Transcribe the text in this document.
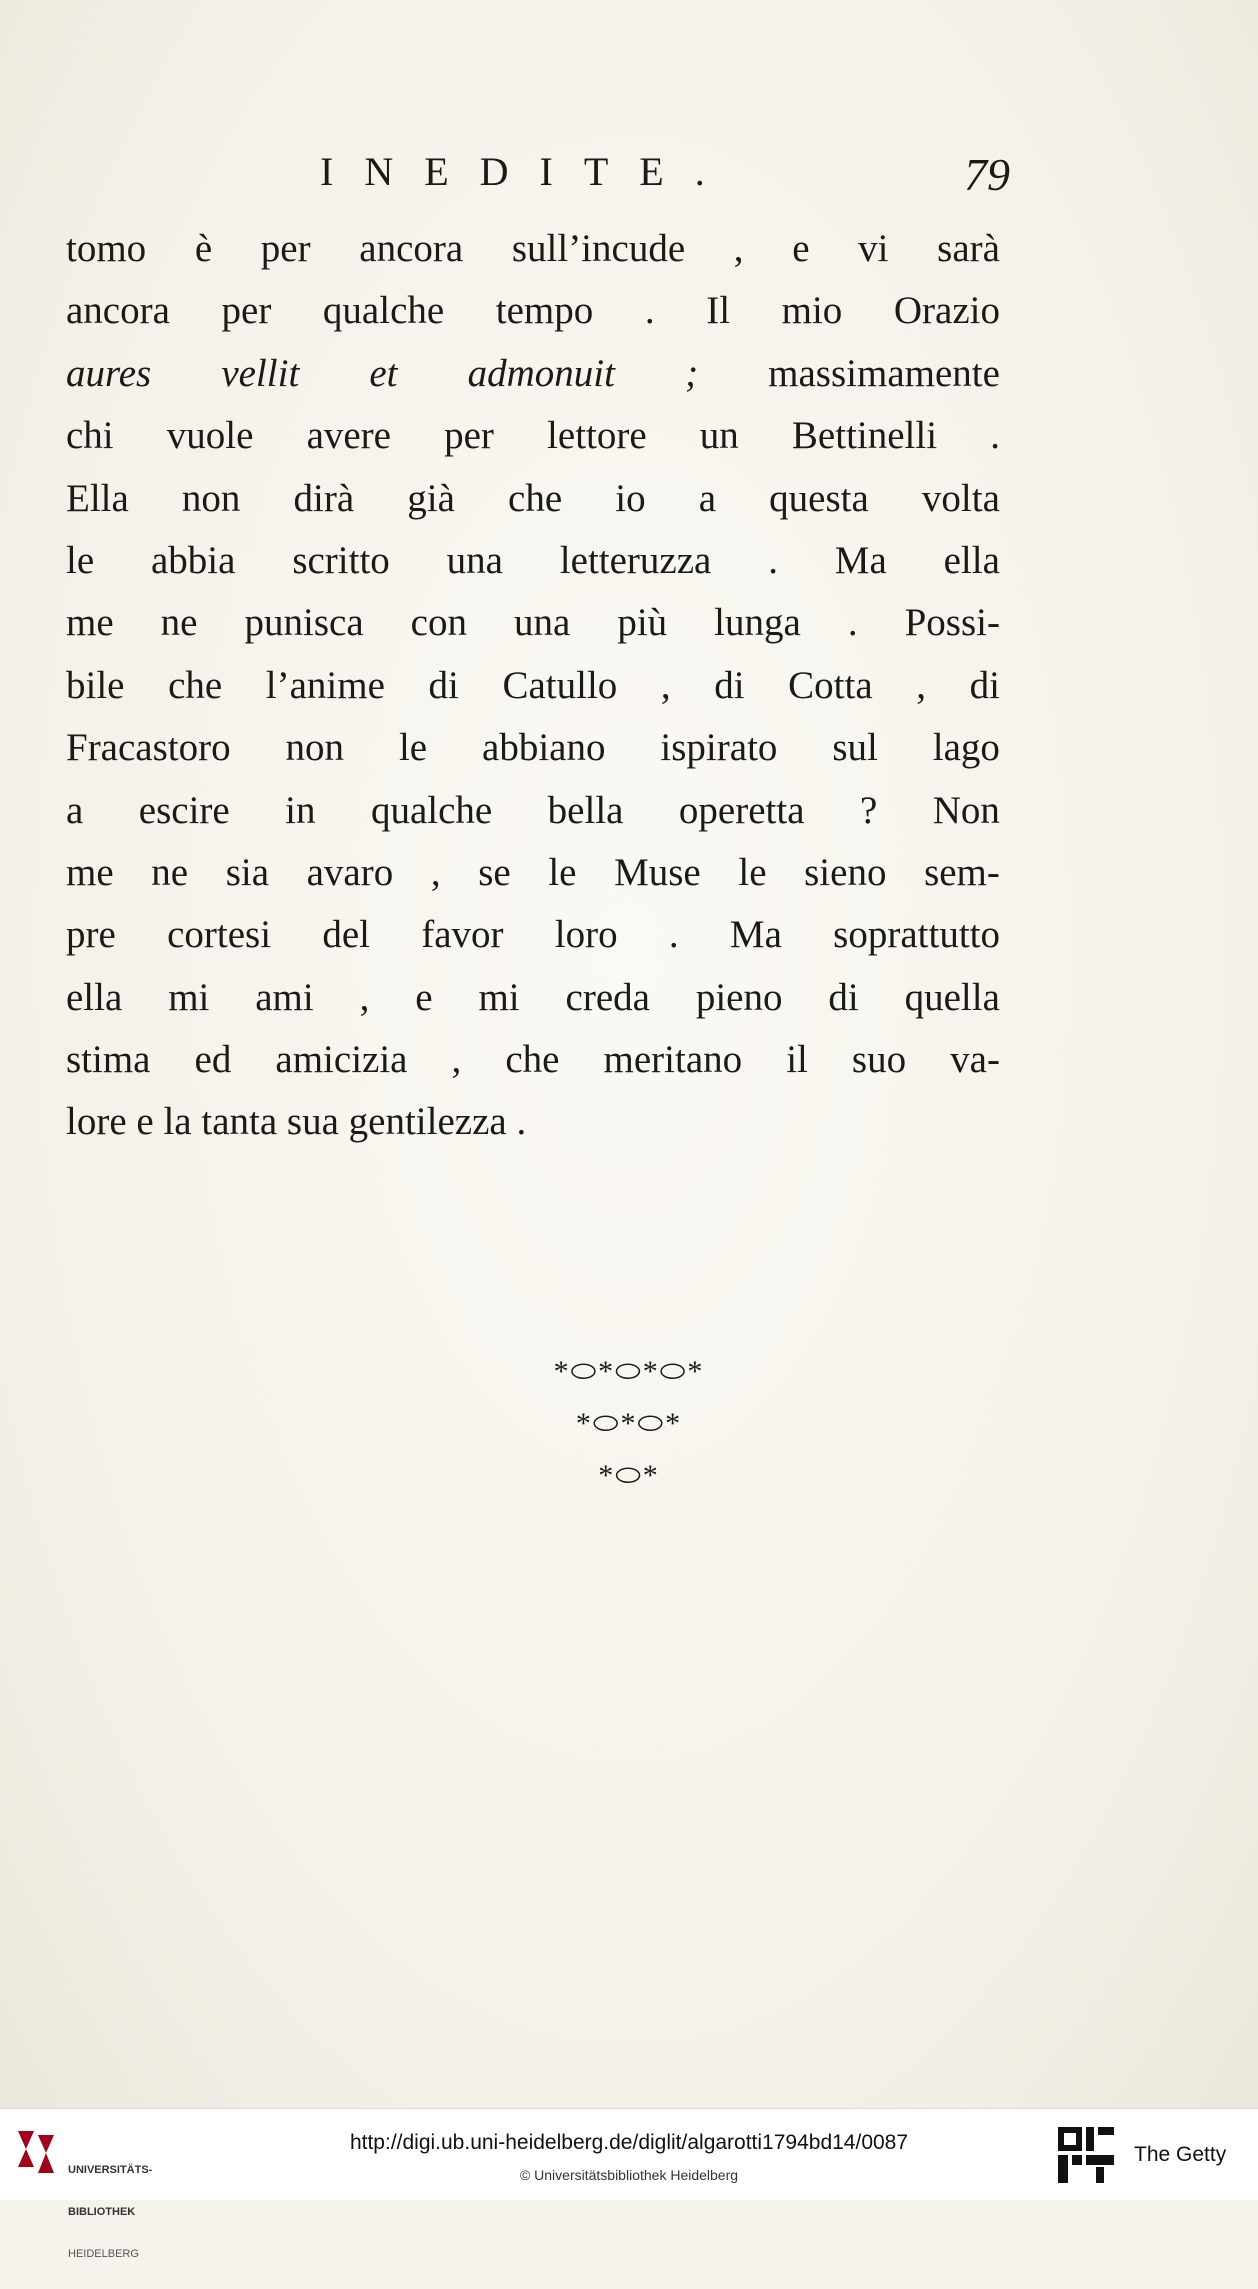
INEDITE.	79
tomo è per ancora sull’incude , e vi sarà
ancora per qualche tempo . Il mio Orazio
aures vellit et admonuit ; massimamente
chi vuole avere per lettore un Bettinelli .
Ella non dirà già che io a questa volta
le abbia scritto una letteruzza . Ma ella
me ne punisca con una più lunga . Possi-
bile che l’anime di Catullo , di Cotta , di
Fracastoro non le abbiano ispirato sul lago
a escire in qualche bella operetta ? Non
me ne sia avaro , se le Muse le sieno sem-
pre cortesi del favor loro . Ma soprattutto
ella mi ami , e mi creda pieno di quella
stima ed amicizia , che meritano il suo va-
lore
e
la
tanta
sua
gentilezza
.
*⬭*⬭*⬭*
*⬭*⬭*
*⬭*

UNIVERSITÄTS-

BIBLIOTHEK

HEIDELBERG

http://digi.ub.uni-heidelberg.de/diglit/algarotti1794bd14/0087
© Universitätsbibliothek Heidelberg
The Getty
